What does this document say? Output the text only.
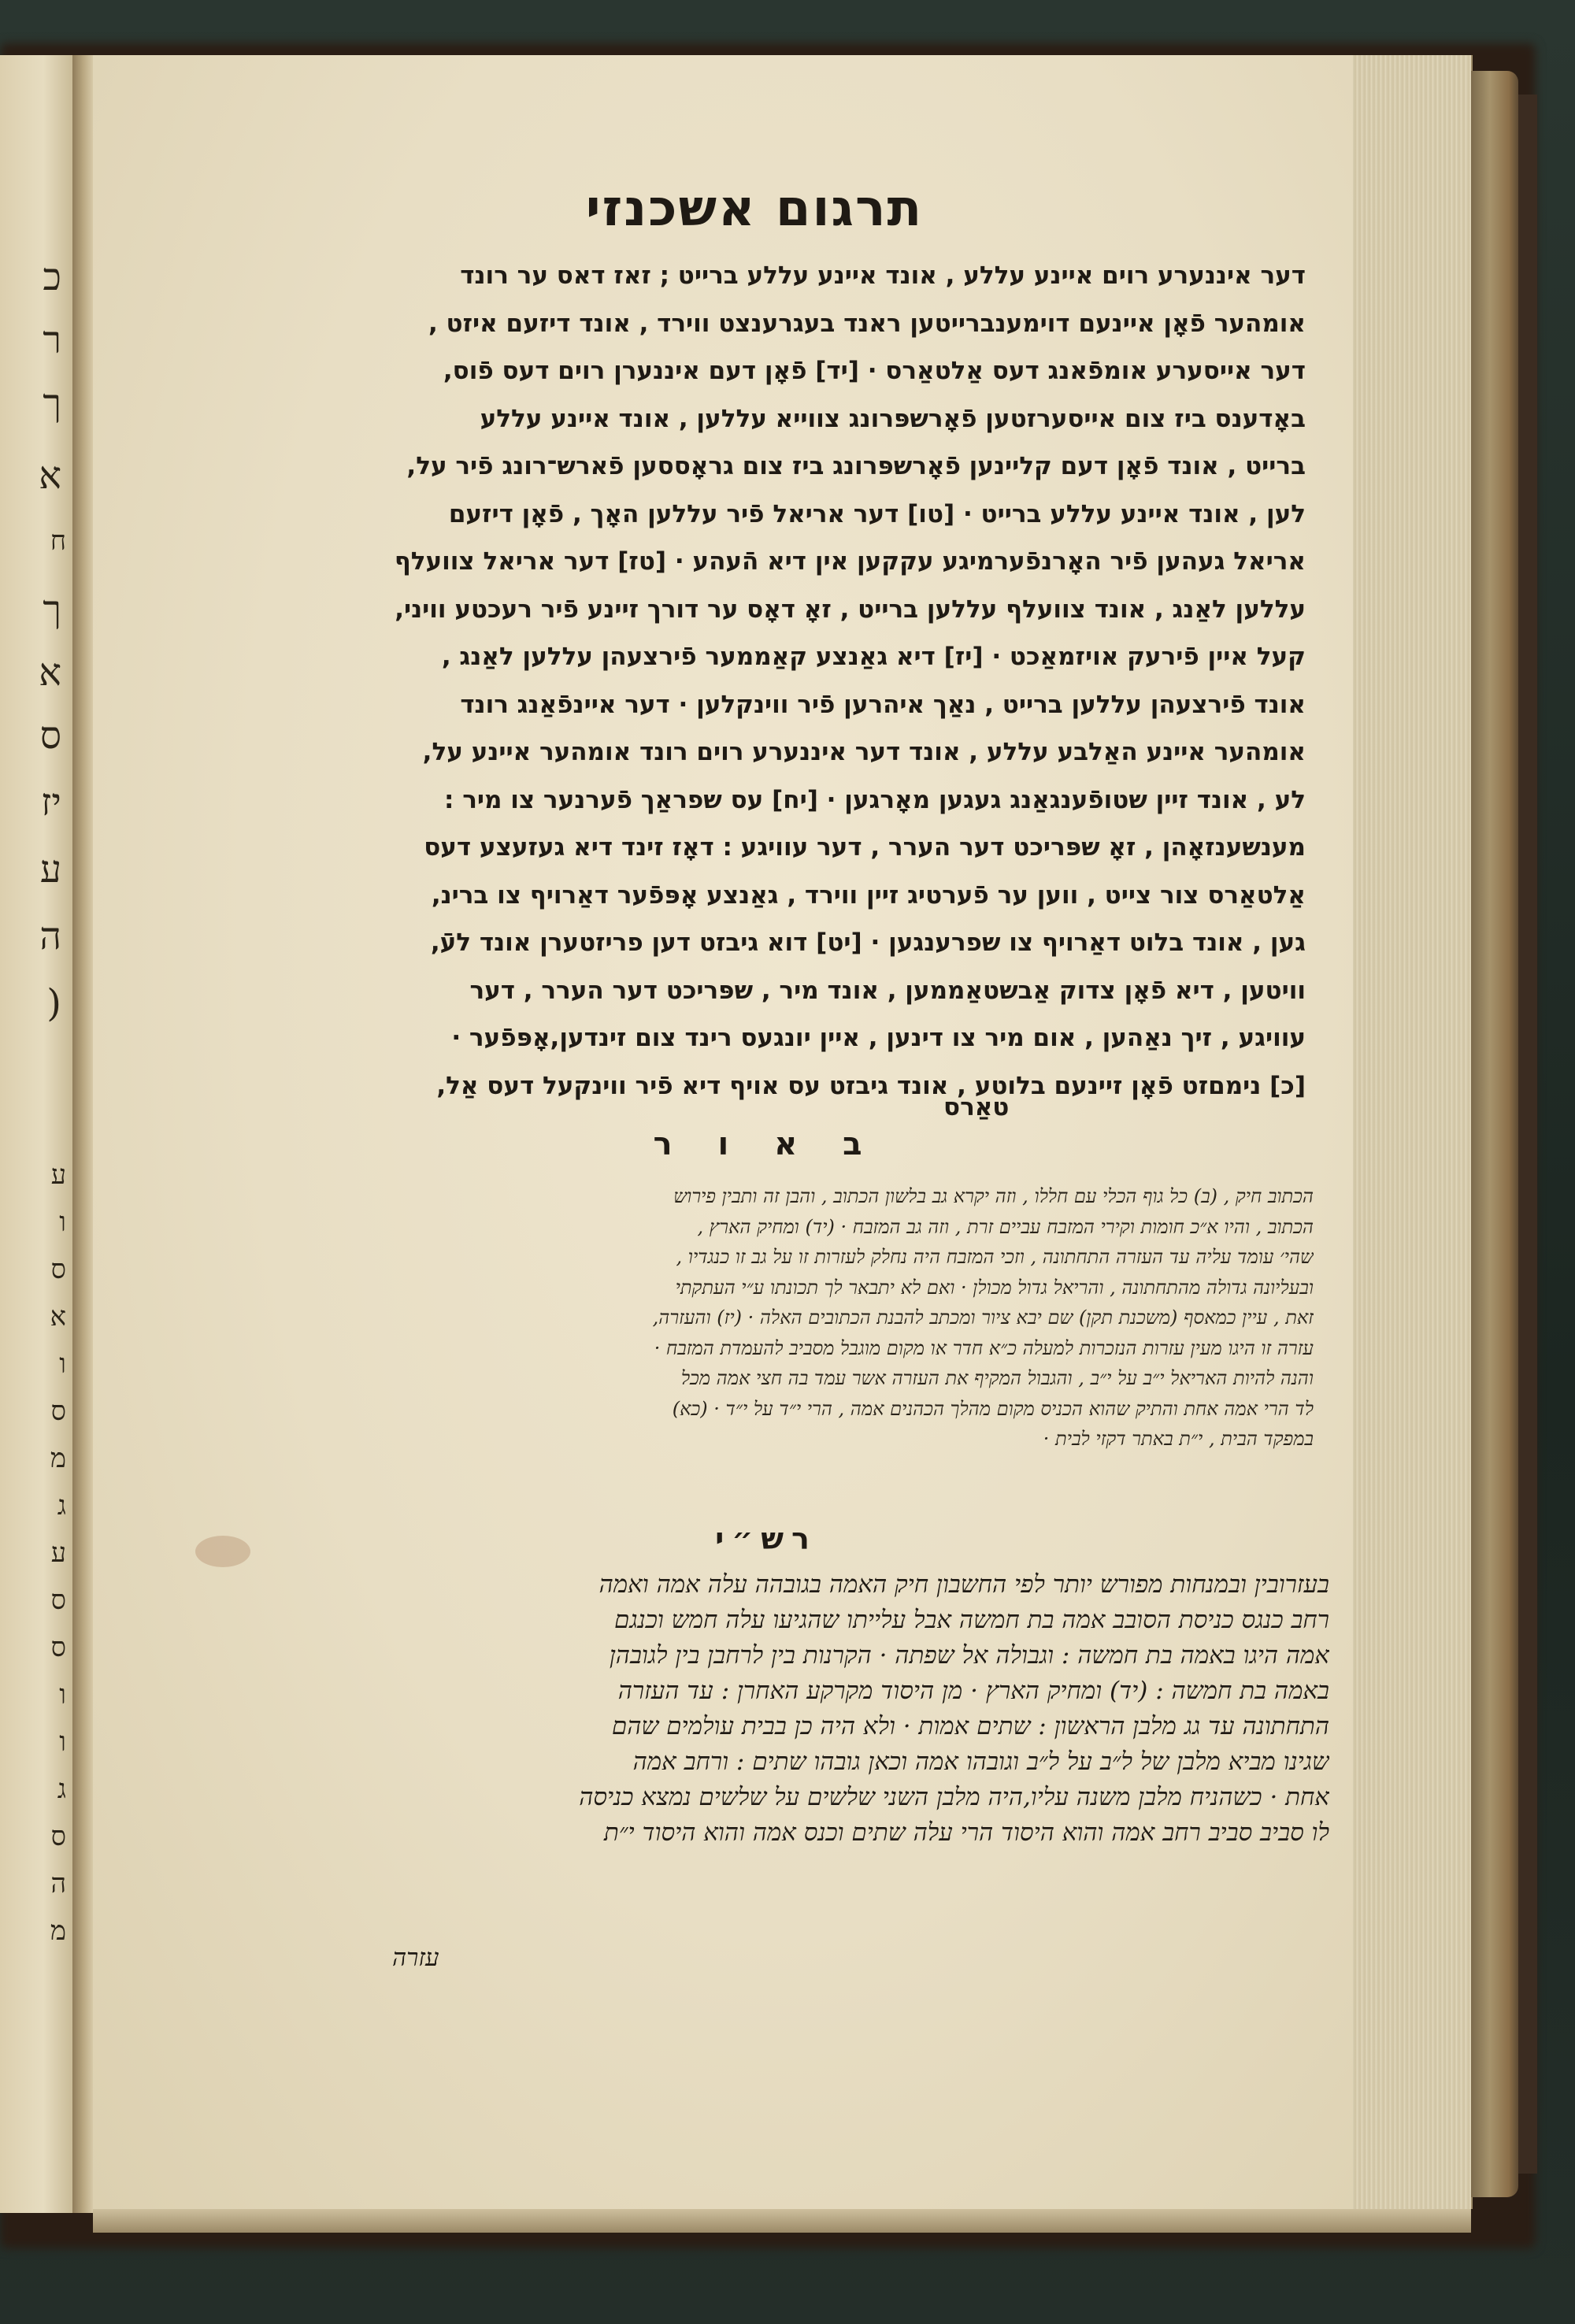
כ
ר
ך
א
ח
ך
א
ס
יז
ע
ה
(
ע
ו
ס
א
ו
ס
מ
ג
ע
ס
ס
ו
ו
ג
ס
ה
מ
תרגום אשכנזי
דער איננערע רוים איינע עללע , אונד איינע עללע ברייט ; זאז דאס ער רונד
אומהער פֿאָן איינעם דוימענברייטען ראנד בעגרענצט ווירד , אונד דיזעם איזט ,
דער אייסערע אומפֿאנג דעס אַלטאַרס · [יד] פֿאָן דעם איננערן רוים דעס פֿוס,
באָדענס ביז צום אייסערזטען פֿאָרשפּרונג צווייא עללען , אונד איינע עללע
ברייט , אונד פֿאָן דעם קליינען פֿאָרשפּרונג ביז צום גראָססען פֿארש־רונג פֿיר על,
לען , אונד איינע עללע ברייט · [טו] דער אריאל פֿיר עללען האָך , פֿאָן דיזעם
אריאל געהען פֿיר האָרנפֿערמיגע עקקען אין דיא הֿעהע · [טז] דער אריאל צוועלף
עללען לאַנג , אונד צוועלף עללען ברייט , זאָ דאָס ער דורך זיינע פֿיר רעכטע וויני,
קעל איין פֿירעק אויזמאַכט · [יז] דיא גאַנצע קאַממער פֿירצעהן עללען לאַנג ,
אונד פֿירצעהן עללען ברייט , נאַך איהרען פֿיר ווינקלען · דער איינפֿאַנג רונד
אומהער איינע האַלבע עללע , אונד דער איננערע רוים רונד אומהער איינע על,
לע , אונד זיין שטופֿענגאַנג געגען מאָרגען · [יח] עס שפראַך פֿערנער צו מיר :
מענשענזאָהן , זאָ שפּריכט דער הערר , דער עוויגע : דאָז זינד דיא געזעצע דעס
אַלטאַרס צור צייט , ווען ער פֿערטיג זיין ווירד , גאַנצע אָפּפֿער דאַרויף צו ברינ,
גען , אונד בלוט דאַרויף צו שפרענגען · [יט] דוא גיבזט דען פריזטערן אונד לעֿ,
וויטען , דיא פֿאָן צדוק אַבשטאַממען , אונד מיר , שפּריכט דער הערר , דער
עוויגע , זיך נאַהען , אום מיר צו דינען , איין יונגעס רינד צום זינדען,אָפּפֿער ·
[כ] נימםזט פֿאָן זיינעם בלוטע , אונד גיבזט עס אויף דיא פֿיר ווינקעל דעס אַל,
טאַרס
ב א ו ר
הכתוב חיק , (ב) כל גוף הכלי עם חללו , וזה יקרא גב בלשון הכתוב , והבן זה ותבין פירוש
הכתוב , והיו א״כ חומות וקירי המזבח עביים זרת , וזה גב המזבח · (יד) ומחיק הארץ ,
שהי׳ עומד עליה עד העזרה התחתונה , וזכי המזבח היה נחלק לעזרות זו על גב זו כנגדיו ,
ובעליונה גדולה מהתחתונה , והריאל גדול מכולן · ואם לא יתבאר לך תכונתו ע״י העתקתי
זאת , עיין כמאסף (משכנת תקן) שם יבא ציור ומכתב להבנת הכתובים האלה · (יז) והעזרה,
עזרה זו היגו מעין עזרות הנזכרות למעלה כ״א חדר או מקום מוגבל מסביב להעמדת המזבח ·
והנה להיות האריאל י״ב על י״ב , והגבול המקיף את העזרה אשר עמד בה חצי אמה מכל
לד הרי אמה אחת והתיק שהוא הכניס מקום מהלך הכהנים אמה , הרי י״ד על י״ד · (כא)
במפקד הבית , י״ת באתר דקזי לבית ·
רש״י
בעזרובין ובמנחות מפורש יותר לפי החשבון חיק האמה בגובהה עלה אמה ואמה
רחב כנגס כניסת הסובב אמה בת חמשה אבל עלייתו שהגיעו עלה חמש וכנגם
אמה היגו באמה בת חמשה : וגבולה אל שפתה · הקרנות בין לרחבן בין לגובהן
באמה בת חמשה : (יד) ומחיק הארץ · מן היסוד מקרקע האחרן : עד העזרה
התחתונה עד גג מלבן הראשון : שתים אמות · ולא היה כן בבית עולמים שהם
שגינו מביא מלבן של ל״ב על ל״ב וגובהו אמה וכאן גובהו שתים : ורחב אמה
אחת · כשהניח מלבן משנה עליו,היה מלבן השני שלשים על שלשים נמצא כניסה
לו סביב סביב רחב אמה והוא היסוד הרי עלה שתים וכנס אמה והוא היסוד י״ת
עזרה
